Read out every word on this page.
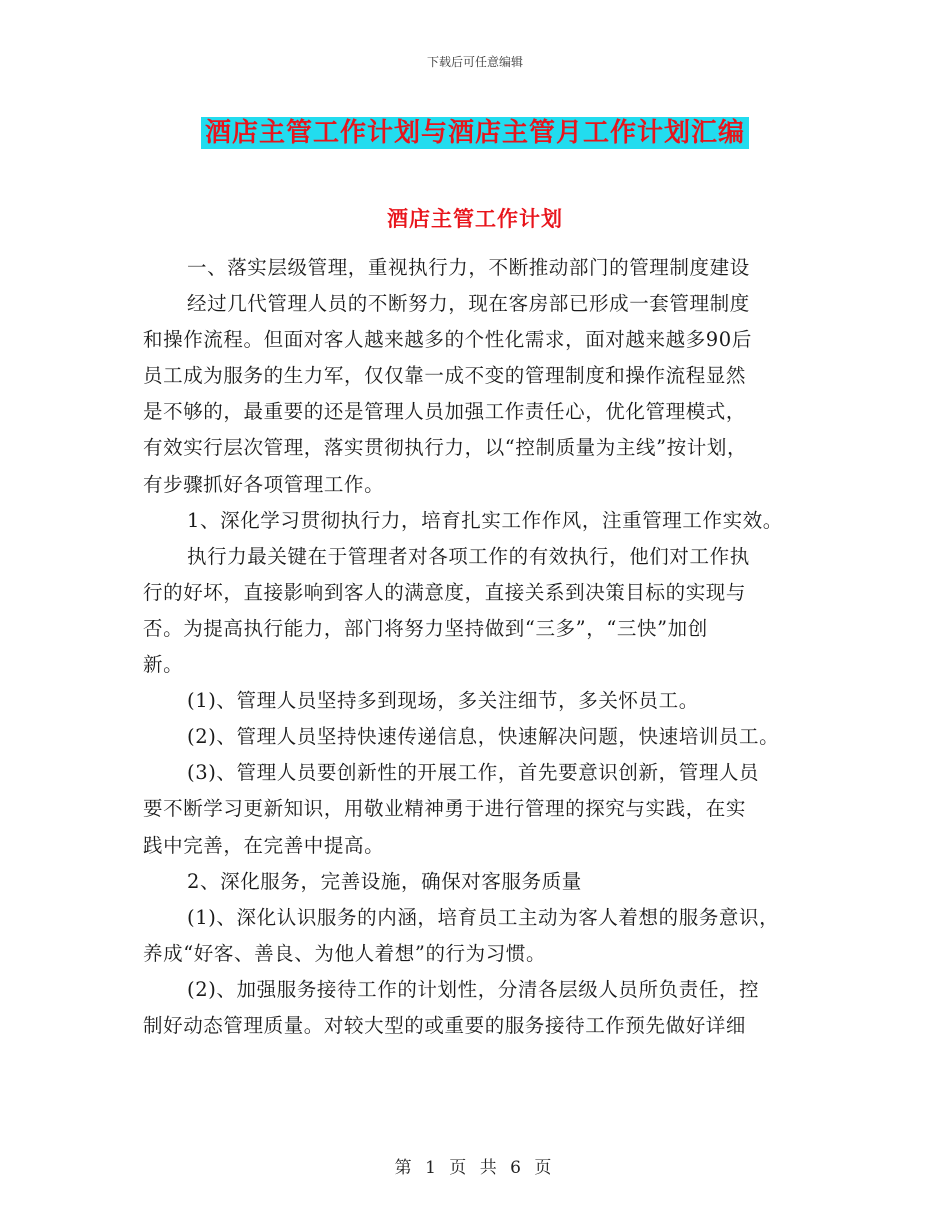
下载后可任意编辑
酒店主管工作计划与酒店主管月工作计划汇编
酒店主管工作计划
一、落实层级管理，重视执行力，不断推动部门的管理制度建设
经过几代管理人员的不断努力，现在客房部已形成一套管理制度
和操作流程。但面对客人越来越多的个性化需求，面对越来越多90后
员工成为服务的生力军，仅仅靠一成不变的管理制度和操作流程显然
是不够的，最重要的还是管理人员加强工作责任心，优化管理模式，
有效实行层次管理，落实贯彻执行力，以“控制质量为主线”按计划，
有步骤抓好各项管理工作。
1、深化学习贯彻执行力，培育扎实工作作风，注重管理工作实效。
执行力最关键在于管理者对各项工作的有效执行，他们对工作执
行的好坏，直接影响到客人的满意度，直接关系到决策目标的实现与
否。为提高执行能力，部门将努力坚持做到“三多”，“三快”加创
新。
(1)、管理人员坚持多到现场，多关注细节，多关怀员工。
(2)、管理人员坚持快速传递信息，快速解决问题，快速培训员工。
(3)、管理人员要创新性的开展工作，首先要意识创新，管理人员
要不断学习更新知识，用敬业精神勇于进行管理的探究与实践，在实
践中完善，在完善中提高。
2、深化服务，完善设施，确保对客服务质量
(1)、深化认识服务的内涵，培育员工主动为客人着想的服务意识，
养成“好客、善良、为他人着想”的行为习惯。
(2)、加强服务接待工作的计划性，分清各层级人员所负责任，控
制好动态管理质量。对较大型的或重要的服务接待工作预先做好详细
第 1 页 共 6 页
